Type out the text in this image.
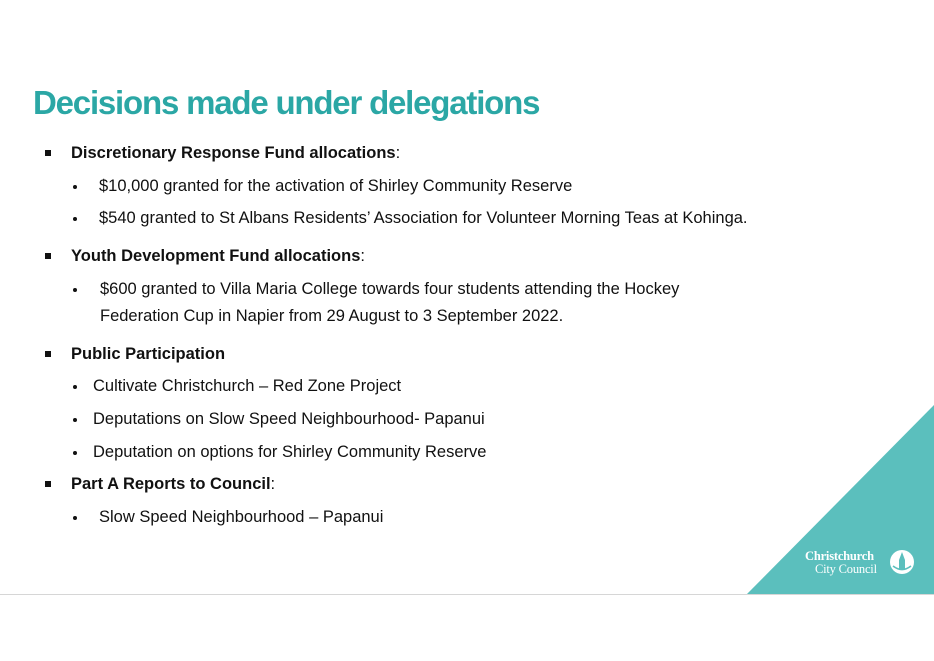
Decisions made under delegations
Discretionary Response Fund allocations:
$10,000 granted for the activation of Shirley Community Reserve
$540 granted to St Albans Residents’ Association for Volunteer Morning Teas at Kohinga.
Youth Development Fund allocations:
$600 granted to Villa Maria College towards four students attending the Hockey
Federation Cup in Napier from 29 August to 3 September 2022.
Public Participation
Cultivate Christchurch – Red Zone Project
Deputations on Slow Speed Neighbourhood- Papanui
Deputation on options for Shirley Community Reserve
Part A Reports to Council:
Slow Speed Neighbourhood – Papanui
Christchurch
City Council
